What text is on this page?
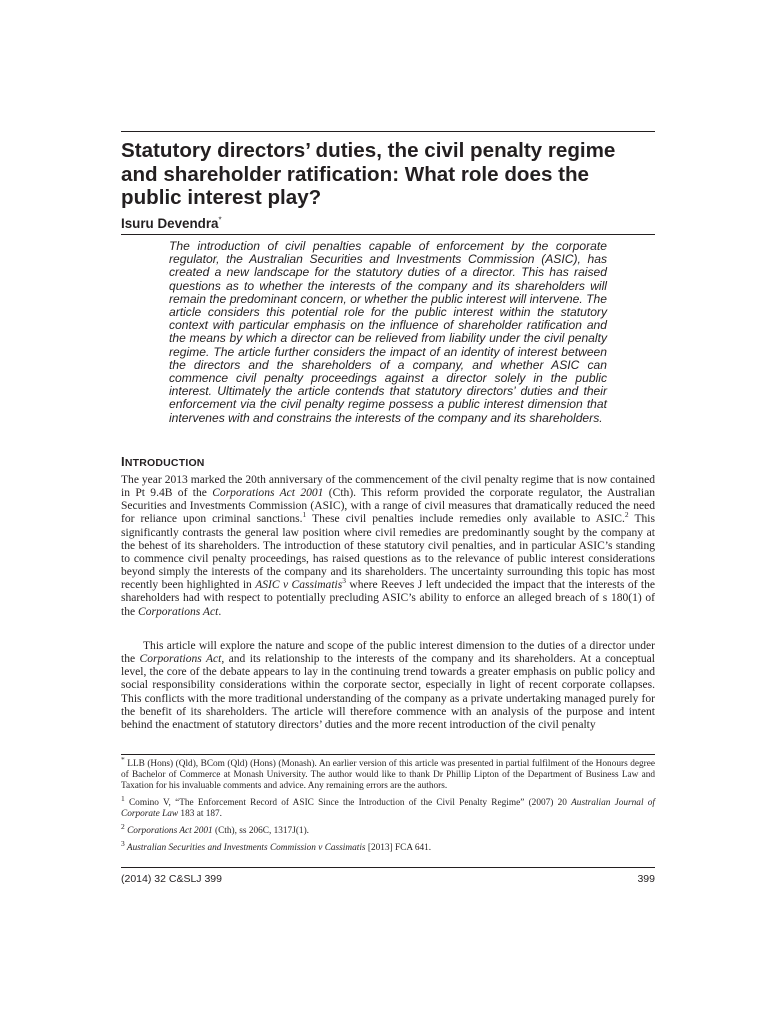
Statutory directors’ duties, the civil penalty regime and shareholder ratification: What role does the public interest play?

Isuru Devendra*

The introduction of civil penalties capable of enforcement by the corporate regulator, the Australian Securities and Investments Commission (ASIC), has created a new landscape for the statutory duties of a director. This has raised questions as to whether the interests of the company and its shareholders will remain the predominant concern, or whether the public interest will intervene. The article considers this potential role for the public interest within the statutory context with particular emphasis on the influence of shareholder ratification and the means by which a director can be relieved from liability under the civil penalty regime. The article further considers the impact of an identity of interest between the directors and the shareholders of a company, and whether ASIC can commence civil penalty proceedings against a director solely in the public interest. Ultimately the article contends that statutory directors’ duties and their enforcement via the civil penalty regime possess a public interest dimension that intervenes with and constrains the interests of the company and its shareholders.

INTRODUCTION

The year 2013 marked the 20th anniversary of the commencement of the civil penalty regime that is now contained in Pt 9.4B of the Corporations Act 2001 (Cth). This reform provided the corporate regulator, the Australian Securities and Investments Commission (ASIC), with a range of civil measures that dramatically reduced the need for reliance upon criminal sanctions.$^1$ These civil penalties include remedies only available to ASIC.$^2$ This significantly contrasts the general law position where civil remedies are predominantly sought by the company at the behest of its shareholders. The introduction of these statutory civil penalties, and in particular ASIC’s standing to commence civil penalty proceedings, has raised questions as to the relevance of public interest considerations beyond simply the interests of the company and its shareholders. The uncertainty surrounding this topic has most recently been highlighted in ASIC v Cassimatis$^3$ where Reeves J left undecided the impact that the interests of the shareholders had with respect to potentially precluding ASIC’s ability to enforce an alleged breach of s 180(1) of the Corporations Act.

This article will explore the nature and scope of the public interest dimension to the duties of a director under the Corporations Act, and its relationship to the interests of the company and its shareholders. At a conceptual level, the core of the debate appears to lay in the continuing trend towards a greater emphasis on public policy and social responsibility considerations within the corporate sector, especially in light of recent corporate collapses. This conflicts with the more traditional understanding of the company as a private undertaking managed purely for the benefit of its shareholders. The article will therefore commence with an analysis of the purpose and intent behind the enactment of statutory directors’ duties and the more recent introduction of the civil penalty

* LLB (Hons) (Qld), BCom (Qld) (Hons) (Monash). An earlier version of this article was presented in partial fulfilment of the Honours degree of Bachelor of Commerce at Monash University. The author would like to thank Dr Phillip Lipton of the Department of Business Law and Taxation for his invaluable comments and advice. Any remaining errors are the authors.

$^1$ Comino V, “The Enforcement Record of ASIC Since the Introduction of the Civil Penalty Regime” (2007) 20 Australian Journal of Corporate Law 183 at 187.

$^2$ Corporations Act 2001 (Cth), ss 206C, 1317J(1).

$^3$ Australian Securities and Investments Commission v Cassimatis [2013] FCA 641.

(2014) 32 C&SLJ 399	399
